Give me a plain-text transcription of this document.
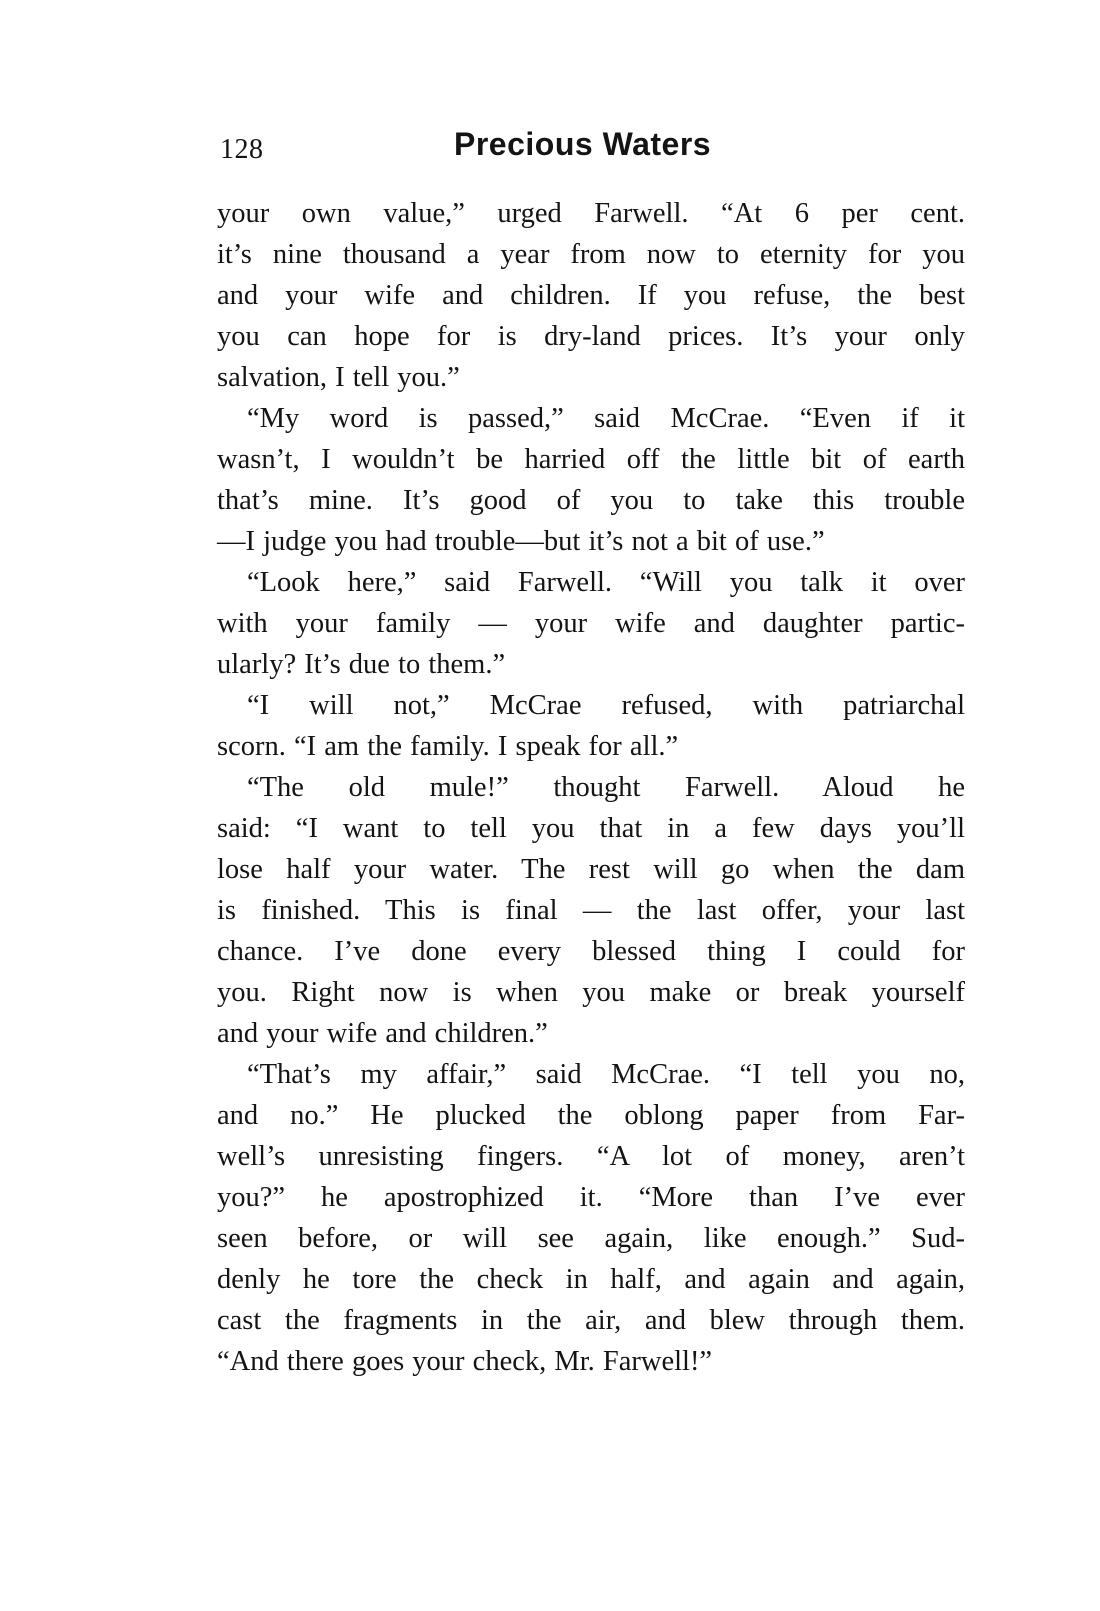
128	Precious Waters
your own value,” urged Farwell. “At 6 per cent.
it’s nine thousand a year from now to eternity for you
and your wife and children. If you refuse, the best
you can hope for is dry-land prices. It’s your only
salvation, I tell you.”
“My word is passed,” said McCrae. “Even if it
wasn’t, I wouldn’t be harried off the little bit of earth
that’s mine. It’s good of you to take this trouble
—I judge you had trouble—but it’s not a bit of use.”
“Look here,” said Farwell. “Will you talk it over
with your family — your wife and daughter partic-
ularly? It’s due to them.”
“I will not,” McCrae refused, with patriarchal
scorn. “I am the family. I speak for all.”
“The old mule!” thought Farwell. Aloud he
said: “I want to tell you that in a few days you’ll
lose half your water. The rest will go when the dam
is finished. This is final — the last offer, your last
chance. I’ve done every blessed thing I could for
you. Right now is when you make or break yourself
and your wife and children.”
“That’s my affair,” said McCrae. “I tell you no,
and no.” He plucked the oblong paper from Far-
well’s unresisting fingers. “A lot of money, aren’t
you?” he apostrophized it. “More than I’ve ever
seen before, or will see again, like enough.” Sud-
denly he tore the check in half, and again and again,
cast the fragments in the air, and blew through them.
“And there goes your check, Mr. Farwell!”
